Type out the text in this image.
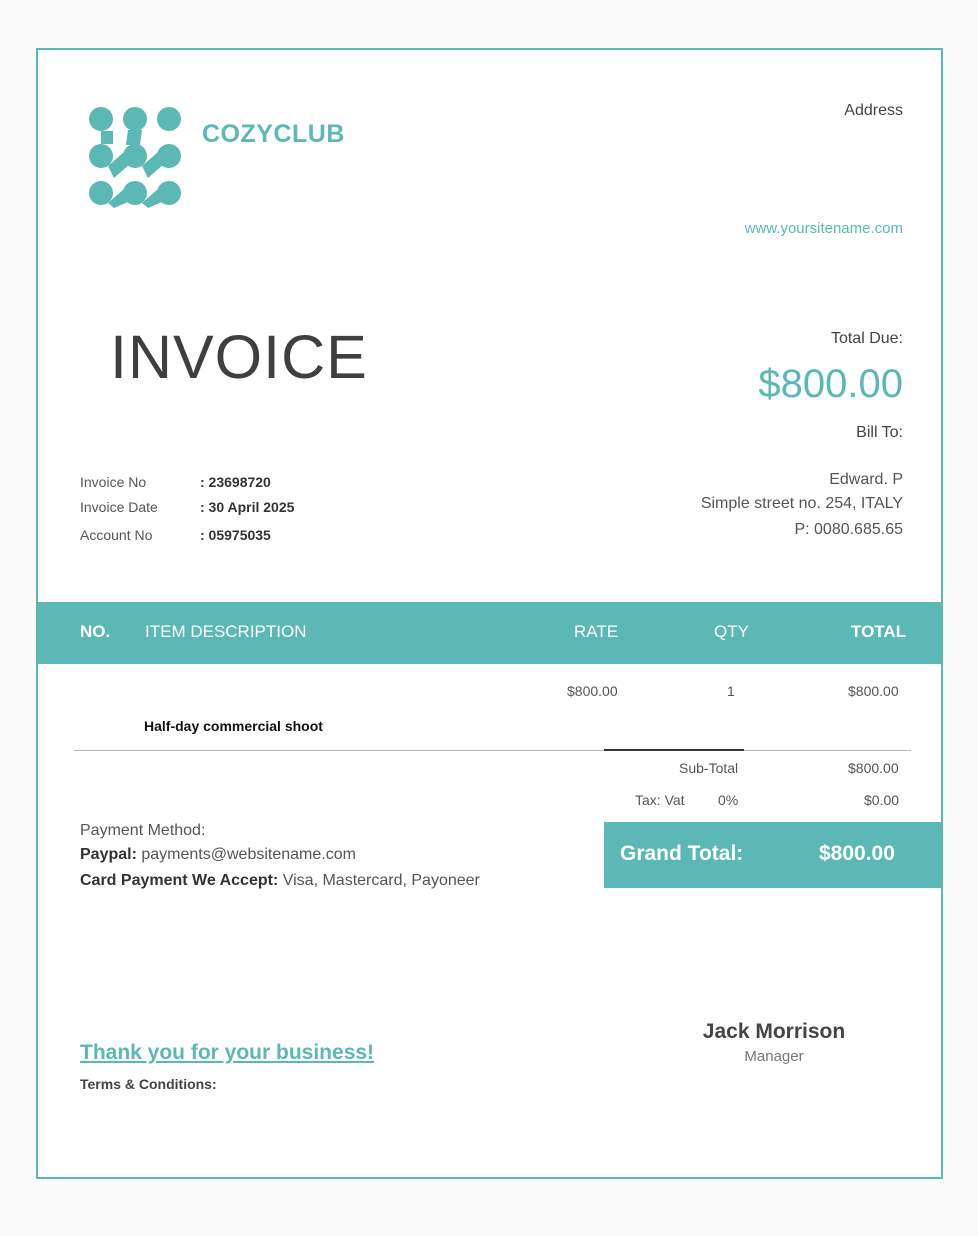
COZYCLUB
Address
www.yoursitename.com
INVOICE	Total Due:
$800.00
Bill To:
Invoice No	: 23698720
Invoice Date	: 30 April 2025
Account No	: 05975035
Edward. P
Simple street no. 254, ITALY
P: 0080.685.65
NO. ITEM DESCRIPTION	RATE	QTY	TOTAL
$800.00	1	$800.00
Half-day commercial shoot
Sub-Total	$800.00
Tax: Vat 0%	$0.00
Grand Total:	$800.00
Payment Method:
Paypal: payments@websitename.com
Card Payment We Accept: Visa, Mastercard, Payoneer
Thank you for your business!
Terms & Conditions:
Jack Morrison
Manager
